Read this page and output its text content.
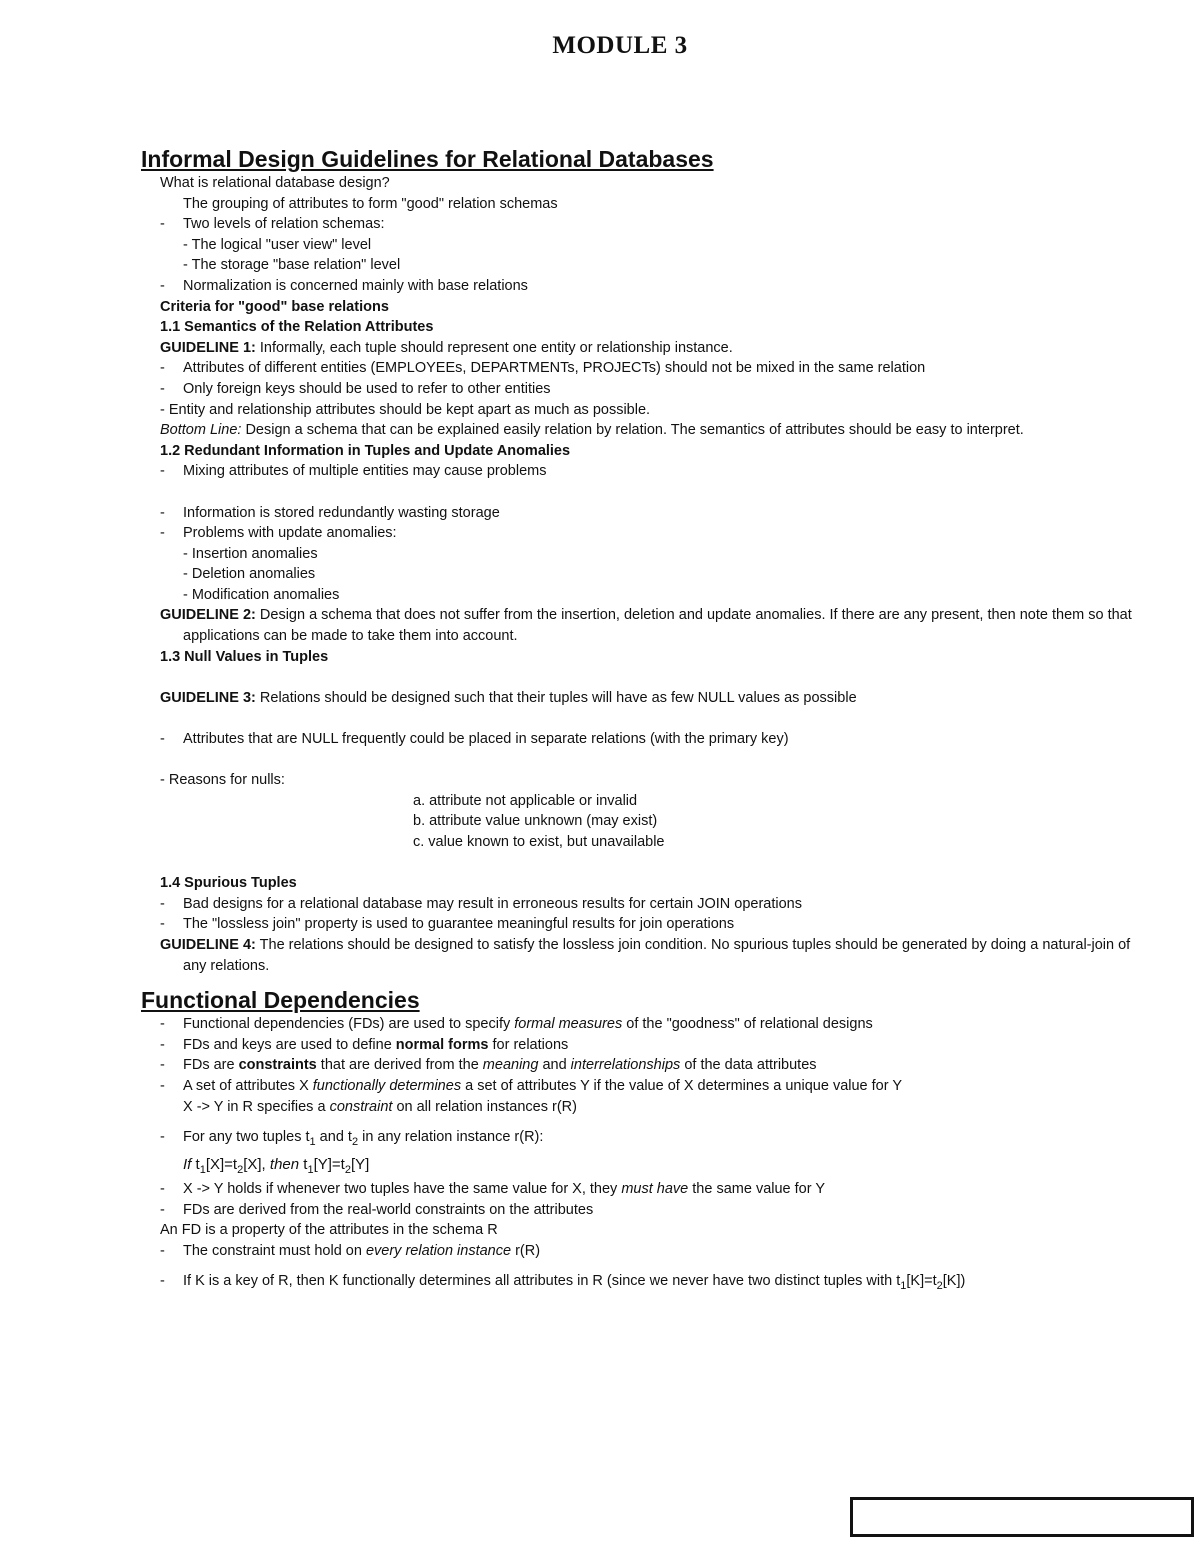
MODULE 3
Informal Design Guidelines for Relational Databases
What is relational database design?
The grouping of attributes to form "good" relation schemas
-	Two levels of relation schemas:
- The logical "user view" level
- The storage "base relation" level
-	Normalization is concerned mainly with base relations
Criteria for "good" base relations
1.1 Semantics of the Relation Attributes
GUIDELINE 1: Informally, each tuple should represent one entity or relationship instance.
-	Attributes of different entities (EMPLOYEEs, DEPARTMENTs, PROJECTs) should not be mixed in the same relation
-	Only foreign keys should be used to refer to other entities
- Entity and relationship attributes should be kept apart as much as possible.
Bottom Line: Design a schema that can be explained easily relation by relation. The semantics of attributes should be easy to interpret.
1.2 Redundant Information in Tuples and Update Anomalies
-	Mixing attributes of multiple entities may cause problems
-	Information is stored redundantly wasting storage
-	Problems with update anomalies:
- Insertion anomalies
- Deletion anomalies
- Modification anomalies
GUIDELINE 2: Design a schema that does not suffer from the insertion, deletion and update anomalies. If there are any present, then note them so that applications can be made to take them into account.
1.3 Null Values in Tuples
GUIDELINE 3: Relations should be designed such that their tuples will have as few NULL values as possible
-	Attributes that are NULL frequently could be placed in separate relations (with the primary key)
- Reasons for nulls:
a. attribute not applicable or invalid
b. attribute value unknown (may exist)
c. value known to exist, but unavailable
1.4 Spurious Tuples
-	Bad designs for a relational database may result in erroneous results for certain JOIN operations
-	The "lossless join" property is used to guarantee meaningful results for join operations
GUIDELINE 4: The relations should be designed to satisfy the lossless join condition. No spurious tuples should be generated by doing a natural-join of any relations.
Functional Dependencies
-	Functional dependencies (FDs) are used to specify formal measures of the "goodness" of relational designs
-	FDs and keys are used to define normal forms for relations
-	FDs are constraints that are derived from the meaning and interrelationships of the data attributes
-	A set of attributes X functionally determines a set of attributes Y if the value of X determines a unique value for Y
X -> Y in R specifies a constraint on all relation instances r(R)
-	For any two tuples $t_1$ and $t_2$ in any relation instance r(R):
If $t_1[X]=t_2[X]$, then $t_1[Y]=t_2[Y]$
-	X -> Y holds if whenever two tuples have the same value for X, they must have the same value for Y
-	FDs are derived from the real-world constraints on the attributes
An FD is a property of the attributes in the schema R
-	The constraint must hold on every relation instance r(R)
-	If K is a key of R, then K functionally determines all attributes in R (since we never have two distinct tuples with $t_1[K]=t_2[K]$)
